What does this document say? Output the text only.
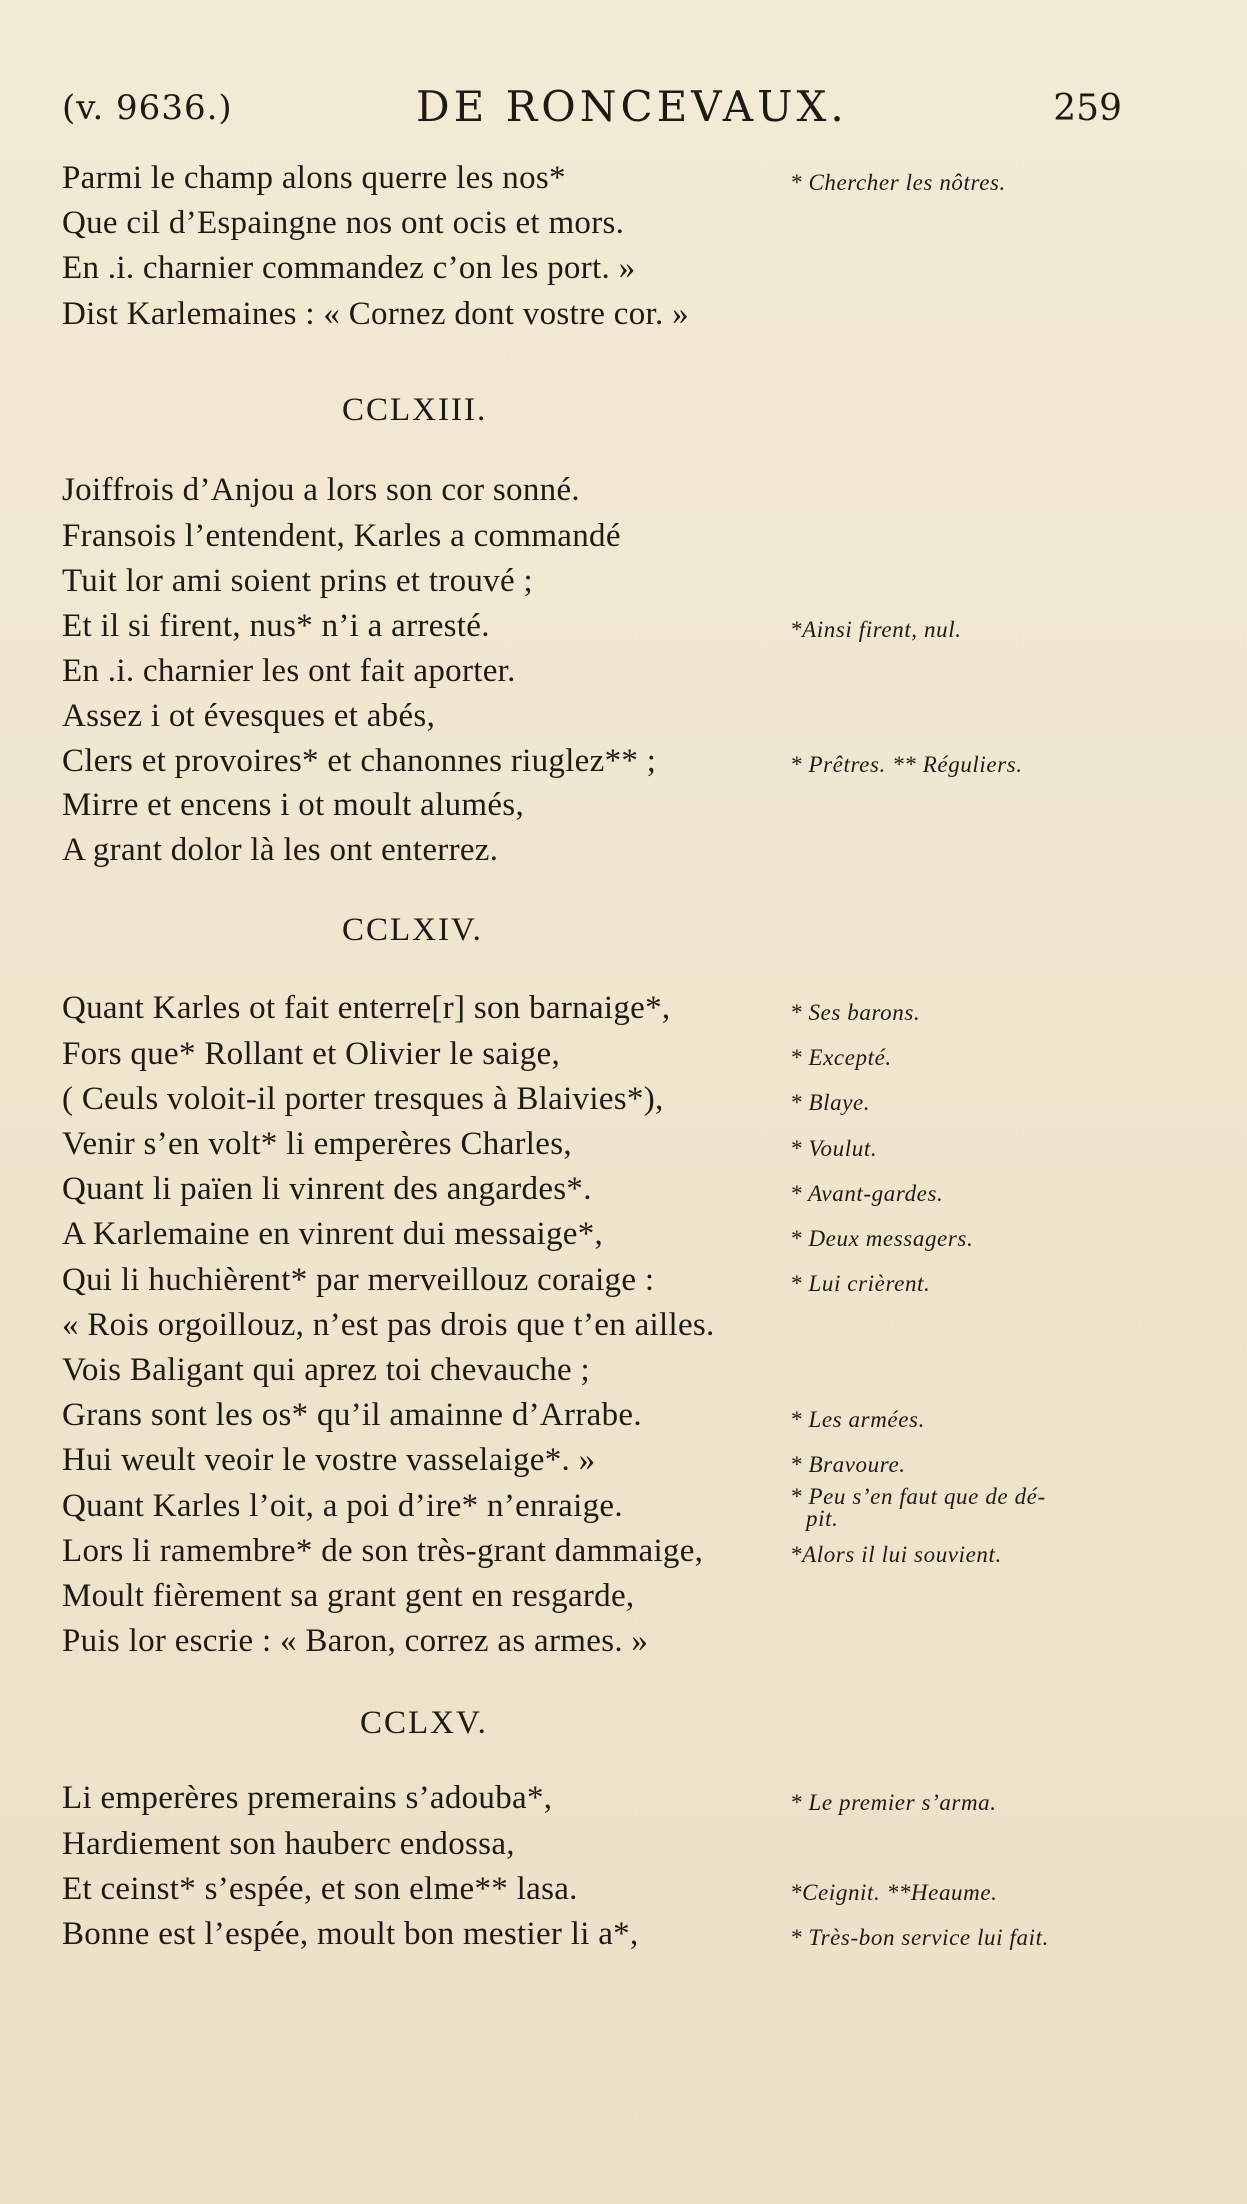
(v. 9636.)	DE RONCEVAUX.	259
Parmi le champ alons querre les nos*
Que cil d’Espaingne nos ont ocis et mors.
En .i. charnier commandez c’on les port. »
Dist Karlemaines : « Cornez dont vostre cor. »
* Chercher les nôtres.
CCLXIII.
Joiffrois d’Anjou a lors son cor sonné.
Fransois l’entendent, Karles a commandé
Tuit lor ami soient prins et trouvé ;
Et il si firent, nus* n’i a arresté.
En .i. charnier les ont fait aporter.
Assez i ot évesques et abés,
Clers et provoires* et chanonnes riuglez** ;
Mirre et encens i ot moult alumés,
A grant dolor là les ont enterrez.
*Ainsi firent, nul.
* Prêtres. ** Réguliers.
CCLXIV.
Quant Karles ot fait enterre[r] son barnaige*,
Fors que* Rollant et Olivier le saige,
( Ceuls voloit-il porter tresques à Blaivies*),
Venir s’en volt* li emperères Charles,
Quant li païen li vinrent des angardes*.
A Karlemaine en vinrent dui messaige*,
Qui li huchièrent* par merveillouz coraige :
« Rois orgoillouz, n’est pas drois que t’en ailles.
Vois Baligant qui aprez toi chevauche ;
Grans sont les os* qu’il amainne d’Arrabe.
Hui weult veoir le vostre vasselaige*. »
Quant Karles l’oit, a poi d’ire* n’enraige.
Lors li ramembre* de son très-grant dammaige,
Moult fièrement sa grant gent en resgarde,
Puis lor escrie : « Baron, correz as armes. »
* Ses barons.
* Excepté.
* Blaye.
* Voulut.
* Avant-gardes.
* Deux messagers.
* Lui crièrent.
* Les armées.
* Bravoure.
* Peu s’en faut que de dé-
pit.
*Alors il lui souvient.
CCLXV.
Li emperères premerains s’adouba*,
Hardiement son hauberc endossa,
Et ceinst* s’espée, et son elme** lasa.
Bonne est l’espée, moult bon mestier li a*,
* Le premier s’arma.
*Ceignit. **Heaume.
* Très-bon service lui fait.
